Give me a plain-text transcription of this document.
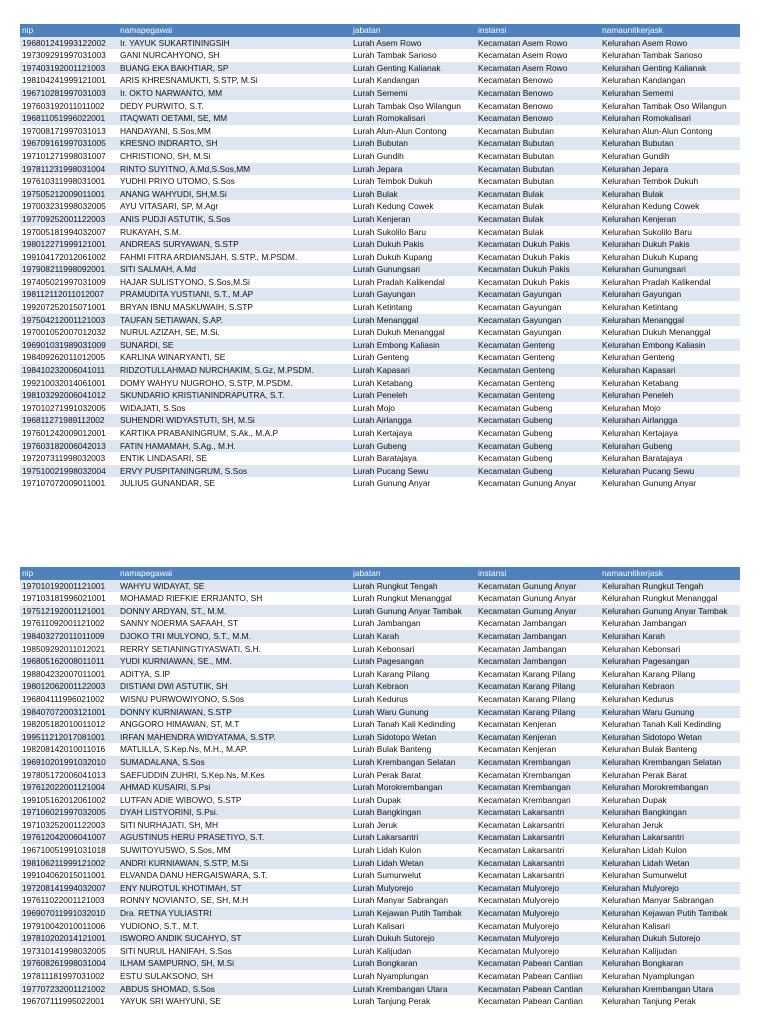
nip	namapegawai	jabatan	instansi	namaunitkerjask
196801241993122002	Ir. YAYUK SUKARTININGSIH	Lurah Asem Rowo	Kecamatan Asem Rowo	Kelurahan Asem Rowo
197309291997031003	GANI NURCAHYONO, SH	Lurah Tambak Sarioso	Kecamatan Asem Rowo	Kelurahan Tambak Sarioso
197403192001121003	BUANG EKA BAKHTIAR, SP	Lurah Genting Kalianak	Kecamatan Asem Rowo	Kelurahan Genting Kalianak
198104241999121001	ARIS KHRESNAMUKTI, S.STP, M.Si	Lurah Kandangan	Kecamatan Benowo	Kelurahan Kandangan
196710281997031003	Ir. OKTO NARWANTO, MM	Lurah Sememi	Kecamatan Benowo	Kelurahan Sememi
197603192011011002	DEDY PURWITO, S.T.	Lurah Tambak Oso Wilangun	Kecamatan Benowo	Kelurahan Tambak Oso Wilangun
196811051996022001	ITAQWATI OETAMI, SE, MM	Lurah Romokalisari	Kecamatan Benowo	Kelurahan Romokalisari
197008171997031013	HANDAYANI, S.Sos,MM	Lurah Alun-Alun Contong	Kecamatan Bubutan	Kelurahan Alun-Alun Contong
196709161997031005	KRESNO INDRARTO, SH	Lurah Bubutan	Kecamatan Bubutan	Kelurahan Bubutan
197101271998031007	CHRISTIONO, SH, M.Si	Lurah Gundih	Kecamatan Bubutan	Kelurahan Gundih
197811231998031004	RINTO SUYITNO, A.Md,S.Sos,MM	Lurah Jepara	Kecamatan Bubutan	Kelurahan Jepara
197610311998031001	YUDHI PRIYO UTOMO, S.Sos	Lurah Tembok Dukuh	Kecamatan Bubutan	Kelurahan Tembok Dukuh
197505212009011001	ANANG WAHYUDI, SH,M.Si	Lurah Bulak	Kecamatan Bulak	Kelurahan Bulak
197003231998032005	AYU VITASARI, SP, M.Agr	Lurah Kedung Cowek	Kecamatan Bulak	Kelurahan Kedung Cowek
197709252001122003	ANIS PUDJI ASTUTIK, S.Sos	Lurah Kenjeran	Kecamatan Bulak	Kelurahan Kenjeran
197005181994032007	RUKAYAH, S.M.	Lurah Sukolilo Baru	Kecamatan Bulak	Kelurahan Sukolilo Baru
198012271999121001	ANDREAS SURYAWAN, S.STP	Lurah Dukuh Pakis	Kecamatan Dukuh Pakis	Kelurahan Dukuh Pakis
199104172012061002	FAHMI FITRA ARDIANSJAH, S.STP., M.PSDM.	Lurah Dukuh Kupang	Kecamatan Dukuh Pakis	Kelurahan Dukuh Kupang
197908211998092001	SITI SALMAH, A.Md	Lurah Gunungsari	Kecamatan Dukuh Pakis	Kelurahan Gunungsari
197405021997031009	HAJAR SULISTYONO, S.Sos,M.Si	Lurah Pradah Kalikendal	Kecamatan Dukuh Pakis	Kelurahan Pradah Kalikendal
198112112011012007	PRAMUDITA YUSTIANI, S.T., M.AP	Lurah Gayungan	Kecamatan Gayungan	Kelurahan Gayungan
199207252015071001	BRYAN IBNU MASKUWAIH, S.STP	Lurah Ketintang	Kecamatan Gayungan	Kelurahan Ketintang
197504212001121003	TAUFAN SETIAWAN, S.AP.	Lurah Menanggal	Kecamatan Gayungan	Kelurahan Menanggal
197001052007012032	NURUL AZIZAH, SE, M.Si.	Lurah Dukuh Menanggal	Kecamatan Gayungan	Kelurahan Dukuh Menanggal
196901031989031009	SUNARDI, SE	Lurah Embong Kaliasin	Kecamatan Genteng	Kelurahan Embong Kaliasin
198409262011012005	KARLINA WINARYANTI, SE	Lurah Genteng	Kecamatan Genteng	Kelurahan Genteng
198410232006041011	RIDZOTULLAHMAD NURCHAKIM, S.Gz, M.PSDM.	Lurah Kapasari	Kecamatan Genteng	Kelurahan Kapasari
199210032014061001	DOMY WAHYU NUGROHO, S.STP, M.PSDM.	Lurah Ketabang	Kecamatan Genteng	Kelurahan Ketabang
198103292006041012	SKUNDARIO KRISTIANINDRAPUTRA, S.T.	Lurah Peneleh	Kecamatan Genteng	Kelurahan Peneleh
197010271991032005	WIDAJATI, S.Sos	Lurah Mojo	Kecamatan Gubeng	Kelurahan Mojo
196811271989112002	SUHENDRI WIDYASTUTI, SH, M.Si	Lurah Airlangga	Kecamatan Gubeng	Kelurahan Airlangga
197601242009012001	KARTIKA PRABANINGRUM, S.Ak., M.A.P	Lurah Kertajaya	Kecamatan Gubeng	Kelurahan Kertajaya
197603182006042013	FATIN HAMAMAH, S.Ag., M.H.	Lurah Gubeng	Kecamatan Gubeng	Kelurahan Gubeng
197207311998032003	ENTIK LINDASARI, SE	Lurah Baratajaya	Kecamatan Gubeng	Kelurahan Baratajaya
197510021998032004	ERVY PUSPITANINGRUM, S.Sos	Lurah Pucang Sewu	Kecamatan Gubeng	Kelurahan Pucang Sewu
197107072009011001	JULIUS GUNANDAR, SE	Lurah Gunung Anyar	Kecamatan Gunung Anyar	Kelurahan Gunung Anyar
nip	namapegawai	jabatan	instansi	namaunitkerjask
197010192001121001	WAHYU WIDAYAT, SE	Lurah Rungkut Tengah	Kecamatan Gunung Anyar	Kelurahan Rungkut Tengah
197103181996021001	MOHAMAD RIEFKIE ERRJANTO, SH	Lurah Rungkut Menanggal	Kecamatan Gunung Anyar	Kelurahan Rungkut Menanggal
197512192001121001	DONNY ARDYAN, ST., M.M.	Lurah Gunung Anyar Tambak	Kecamatan Gunung Anyar	Kelurahan Gunung Anyar Tambak
197611092001121002	SANNY NOERMA SAFAAH, ST	Lurah Jambangan	Kecamatan Jambangan	Kelurahan Jambangan
198403272011011009	DJOKO TRI MULYONO, S.T., M.M.	Lurah Karah	Kecamatan Jambangan	Kelurahan Karah
198509292011012021	RERRY SETIANINGTIYASWATI, S.H.	Lurah Kebonsari	Kecamatan Jambangan	Kelurahan Kebonsari
196805162008011011	YUDI KURNIAWAN, SE., MM.	Lurah Pagesangan	Kecamatan Jambangan	Kelurahan Pagesangan
198804232007011001	ADITYA, S.IP	Lurah Karang Pilang	Kecamatan Karang Pilang	Kelurahan Karang Pilang
198012062001122003	DISTIANI DWI ASTUTIK, SH	Lurah Kebraon	Kecamatan Karang Pilang	Kelurahan Kebraon
196804111996021002	WISNU PURWOWIYONO, S.Sos	Lurah Kedurus	Kecamatan Karang Pilang	Kelurahan Kedurus
198407072003121001	DONNY KURNIAWAN, S.STP	Lurah Waru Gunung	Kecamatan Karang Pilang	Kelurahan Waru Gunung
198205182010011012	ANGGORO HIMAWAN, ST, M.T	Lurah Tanah Kali Kedinding	Kecamatan Kenjeran	Kelurahan Tanah Kali Kedinding
199511212017081001	IRFAN MAHENDRA WIDYATAMA, S.STP.	Lurah Sidotopo Wetan	Kecamatan Kenjeran	Kelurahan Sidotopo Wetan
198208142010011016	MATLILLA, S.Kep.Ns, M.H., M.AP.	Lurah Bulak Banteng	Kecamatan Kenjeran	Kelurahan Bulak Banteng
196910201991032010	SUMADALANA, S.Sos	Lurah Krembangan Selatan	Kecamatan Krembangan	Kelurahan Krembangan Selatan
197805172006041013	SAEFUDDIN ZUHRI, S.Kep.Ns, M.Kes	Lurah Perak Barat	Kecamatan Krembangan	Kelurahan Perak Barat
197612022001121004	AHMAD KUSAIRI, S.Psi	Lurah Morokrembangan	Kecamatan Krembangan	Kelurahan Morokrembangan
199105162012061002	LUTFAN ADIE WIBOWO, S.STP	Lurah Dupak	Kecamatan Krembangan	Kelurahan Dupak
197106021997032005	DYAH LISTYORINI, S.Psi.	Lurah Bangkingan	Kecamatan Lakarsantri	Kelurahan Bangkingan
197103252001122003	SITI NURHAJATI, SH, MH	Lurah Jeruk	Kecamatan Lakarsantri	Kelurahan Jeruk
197612042006041007	AGUSTINUS HERU PRASETIYO, S.T.	Lurah Lakarsantri	Kecamatan Lakarsantri	Kelurahan Lakarsantri
196710051991031018	SUWITOYUSWO, S.Sos, MM	Lurah Lidah Kulon	Kecamatan Lakarsantri	Kelurahan Lidah Kulon
198106211999121002	ANDRI KURNIAWAN, S.STP, M.Si	Lurah Lidah Wetan	Kecamatan Lakarsantri	Kelurahan Lidah Wetan
199104062015011001	ELVANDA DANU HERGAISWARA, S.T.	Lurah Sumurwelut	Kecamatan Lakarsantri	Kelurahan Sumurwelut
197208141994032007	ENY NUROTUL KHOTIMAH, ST	Lurah Mulyorejo	Kecamatan Mulyorejo	Kelurahan Mulyorejo
197611022001121003	RONNY NOVIANTO, SE, SH, M.H	Lurah Manyar Sabrangan	Kecamatan Mulyorejo	Kelurahan Manyar Sabrangan
196907011991032010	Dra. RETNA YULIASTRI	Lurah Kejawan Putih Tambak	Kecamatan Mulyorejo	Kelurahan Kejawan Putih Tambak
197910042010011006	YUDIONO, S.T., M.T.	Lurah Kalisari	Kecamatan Mulyorejo	Kelurahan Kalisari
197810202014121001	ISWORO ANDIK SUCAHYO, ST	Lurah Dukuh Sutorejo	Kecamatan Mulyorejo	Kelurahan Dukuh Sutorejo
197310141998032005	SITI NURUL HANIFAH, S.Sos	Lurah Kalijudan	Kecamatan Mulyorejo	Kelurahan Kalijudan
197608261998031004	ILHAM SAMPURNO, SH, M.Si	Lurah Bongkaran	Kecamatan Pabean Cantian	Kelurahan Bongkaran
197811181997031002	ESTU SULAKSONO, SH	Lurah Nyamplungan	Kecamatan Pabean Cantian	Kelurahan Nyamplungan
197707232001121002	ABDUS SHOMAD, S.Sos	Lurah Krembangan Utara	Kecamatan Pabean Cantian	Kelurahan Krembangan Utara
196707111995022001	YAYUK SRI WAHYUNI, SE	Lurah Tanjung Perak	Kecamatan Pabean Cantian	Kelurahan Tanjung Perak
